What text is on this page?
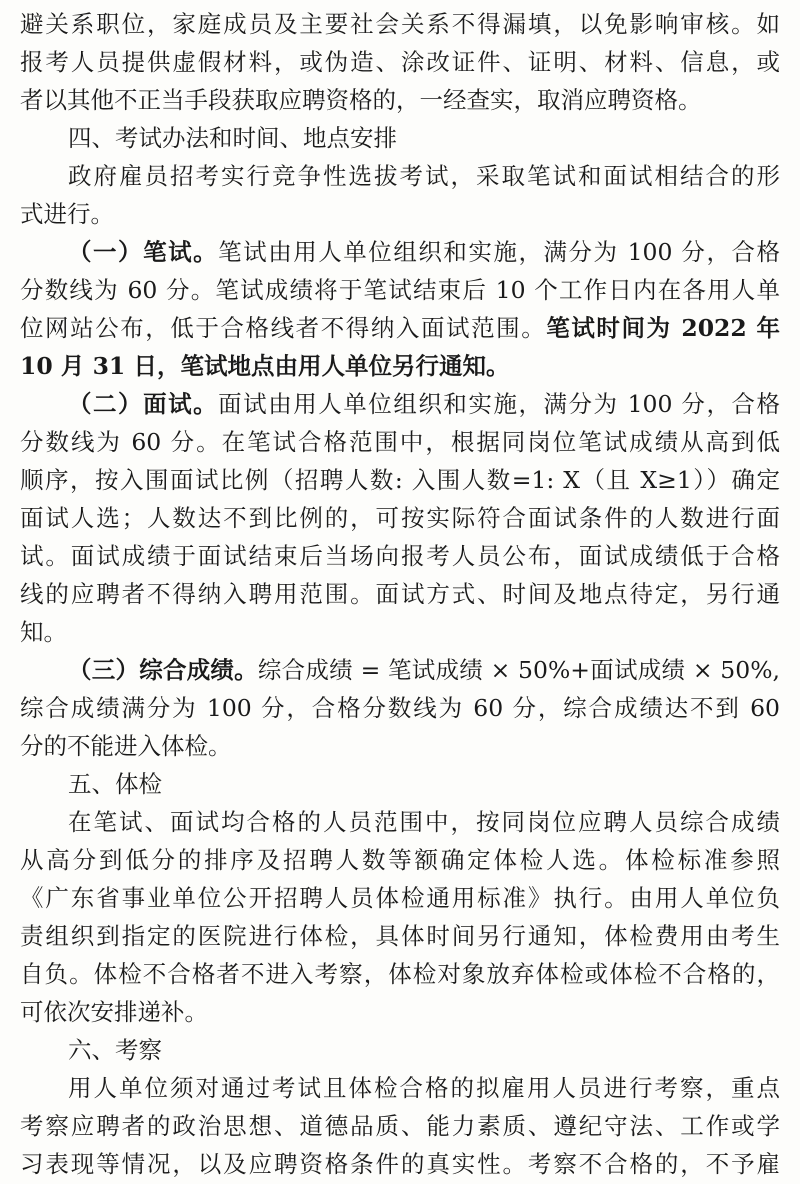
避关系职位，家庭成员及主要社会关系不得漏填，以免影响审核。如

报考人员提供虚假材料，或伪造、涂改证件、证明、材料、信息，或

者以其他不正当手段获取应聘资格的，一经查实，取消应聘资格。

四、考试办法和时间、地点安排

政府雇员招考实行竞争性选拔考试，采取笔试和面试相结合的形

式进行。

（一）笔试。笔试由用人单位组织和实施，满分为 100 分，合格

分数线为 60 分。笔试成绩将于笔试结束后 10 个工作日内在各用人单

位网站公布，低于合格线者不得纳入面试范围。笔试时间为 2022 年

10 月 31 日，笔试地点由用人单位另行通知。

（二）面试。面试由用人单位组织和实施，满分为 100 分，合格

分数线为 60 分。在笔试合格范围中，根据同岗位笔试成绩从高到低

顺序，按入围面试比例（招聘人数: 入围人数=1: X（且 X≥1））确定

面试人选；人数达不到比例的，可按实际符合面试条件的人数进行面

试。面试成绩于面试结束后当场向报考人员公布，面试成绩低于合格

线的应聘者不得纳入聘用范围。面试方式、时间及地点待定，另行通

知。

（三）综合成绩。综合成绩 = 笔试成绩 × 50%+面试成绩 × 50%,

综合成绩满分为 100 分，合格分数线为 60 分，综合成绩达不到 60

分的不能进入体检。

五、体检

在笔试、面试均合格的人员范围中，按同岗位应聘人员综合成绩

从高分到低分的排序及招聘人数等额确定体检人选。体检标准参照

《广东省事业单位公开招聘人员体检通用标准》执行。由用人单位负

责组织到指定的医院进行体检，具体时间另行通知，体检费用由考生

自负。体检不合格者不进入考察，体检对象放弃体检或体检不合格的，

可依次安排递补。

六、考察

用人单位须对通过考试且体检合格的拟雇用人员进行考察，重点

考察应聘者的政治思想、道德品质、能力素质、遵纪守法、工作或学

习表现等情况，以及应聘资格条件的真实性。考察不合格的，不予雇
